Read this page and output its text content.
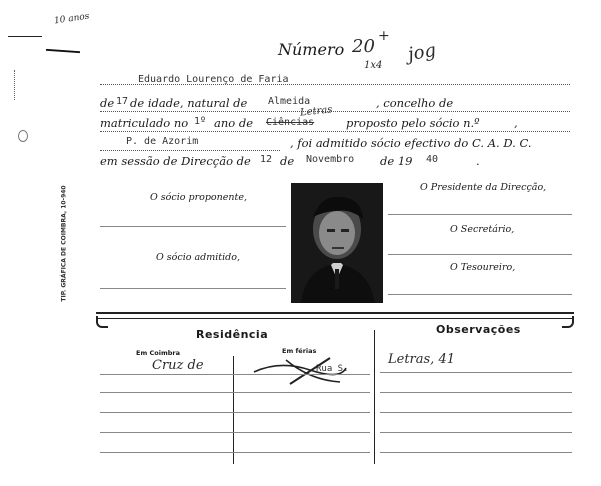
10 anos
Número 20 +
1x4
jog
Eduardo Lourenço de Faria
de 17 de idade, natural de Almeida	, concelho de
matriculado no 1º ano de Ciências
Letras
proposto pelo sócio n.º	,
P. de Azorim	, foi admitido sócio efectivo do C. A. D. C.
em sessão de Direcção de 12 de Novembro de 19 40	.
O sócio proponente,
O sócio admitido,
O Presidente da Direcção,
O Secretário,
O Tesoureiro,
TIP. GRÁFICA DE COIMBRA, 10-940
Residência
Em Coimbra	Em férias
Cruz de	Rua S.
Observações
Letras, 41
